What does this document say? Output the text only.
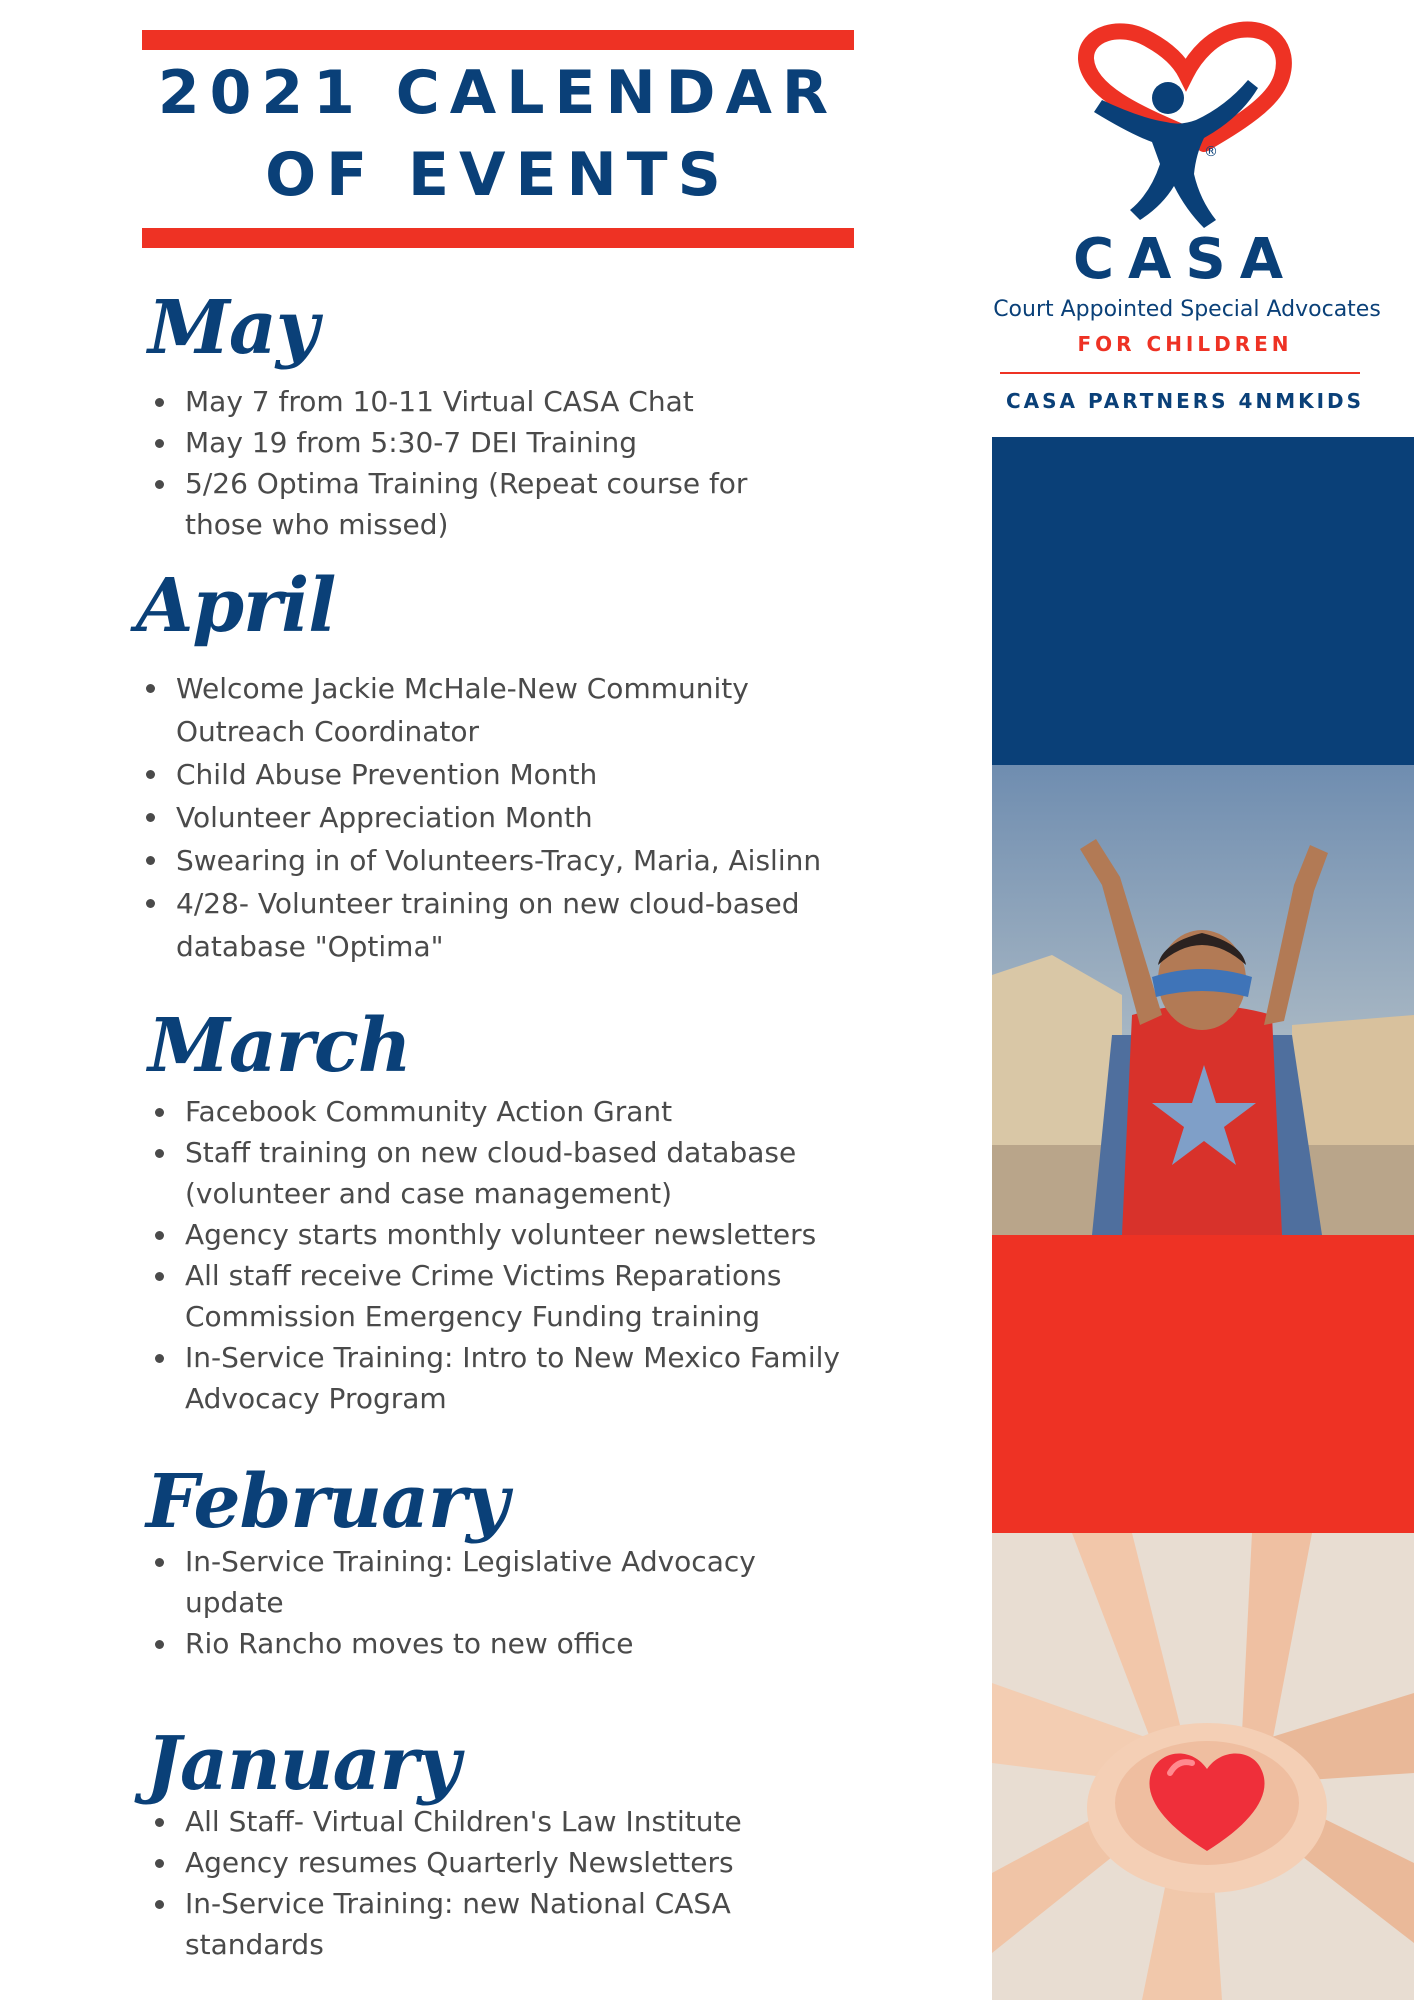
2021 CALENDAR
OF EVENTS
May
May 7 from 10-11 Virtual CASA Chat
May 19 from 5:30-7 DEI Training
5/26 Optima Training (Repeat course for those who missed)
April
Welcome Jackie McHale-New Community Outreach Coordinator
Child Abuse Prevention Month
Volunteer Appreciation Month
Swearing in of Volunteers-Tracy, Maria, Aislinn
4/28- Volunteer training on new cloud-based database "Optima"
March
Facebook Community Action Grant
Staff training on new cloud-based database (volunteer and case management)
Agency starts monthly volunteer newsletters
All staff receive Crime Victims Reparations Commission Emergency Funding training
In-Service Training: Intro to New Mexico Family Advocacy Program
February
In-Service Training: Legislative Advocacy update
Rio Rancho moves to new office
January
All Staff- Virtual Children's Law Institute
Agency resumes Quarterly Newsletters
In-Service Training: new National CASA standards
®
CASA
Court Appointed Special Advocates
FOR CHILDREN
CASA PARTNERS 4NMKIDS
